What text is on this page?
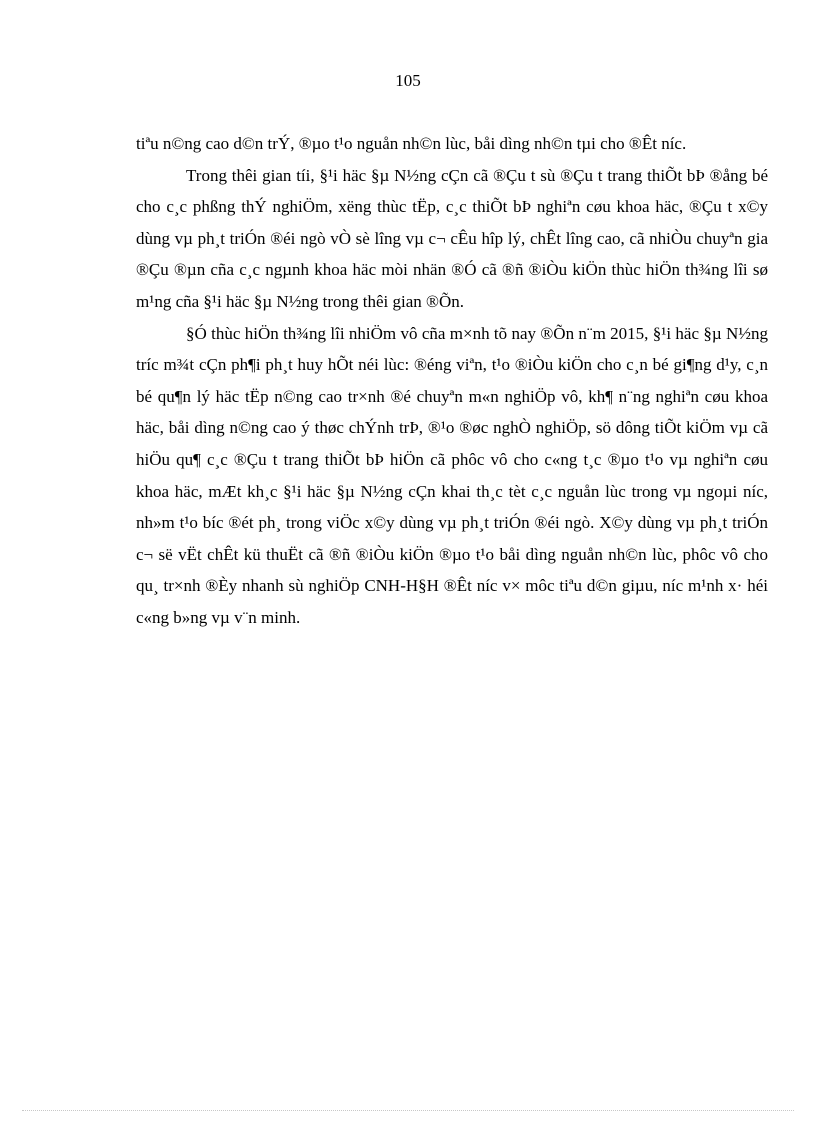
105

tiªu n©ng cao d©n trÝ, ®µo t¹o nguån nh©n lùc, båi dìng nh©n tµi cho ®Êt níc.

Trong thêi gian tíi, §¹i häc §µ N½ng cÇn cã ®Çu t sù ®Çu t trang thiÕt bÞ ®ång bé cho c¸c phßng thÝ nghiÖm, xëng thùc tËp, c¸c thiÕt bÞ nghiªn cøu khoa häc, ®Çu t x©y dùng vµ ph¸t triÓn ®éi ngò vÒ sè lîng vµ c¬ cÊu hîp lý, chÊt lîng cao, cã nhiÒu chuyªn gia ®Çu ®µn cña c¸c ngµnh khoa häc mòi nhän ®Ó cã ®ñ ®iÒu kiÖn thùc hiÖn th¾ng lîi sø m¹ng cña §¹i häc §µ N½ng trong thêi gian ®Õn.

§Ó thùc hiÖn th¾ng lîi nhiÖm vô cña m×nh tõ nay ®Õn n¨m 2015, §¹i häc §µ N½ng tríc m¾t cÇn ph¶i ph¸t huy hÕt néi lùc: ®éng viªn, t¹o ®iÒu kiÖn cho c¸n bé gi¶ng d¹y, c¸n bé qu¶n lý häc tËp n©ng cao tr×nh ®é chuyªn m«n nghiÖp vô, kh¶ n¨ng nghiªn cøu khoa häc, båi dìng n©ng cao ý thøc chÝnh trÞ, ®¹o ®øc nghÒ nghiÖp, sö dông tiÕt kiÖm vµ cã hiÖu qu¶ c¸c ®Çu t trang thiÕt bÞ hiÖn cã phôc vô cho c«ng t¸c ®µo t¹o vµ nghiªn cøu khoa häc, mÆt kh¸c §¹i häc §µ N½ng cÇn khai th¸c tèt c¸c nguån lùc trong vµ ngoµi níc, nh»m t¹o bíc ®ét ph¸ trong viÖc x©y dùng vµ ph¸t triÓn ®éi ngò. X©y dùng vµ ph¸t triÓn c¬ së vËt chÊt kü thuËt cã ®ñ ®iÒu kiÖn ®µo t¹o båi dìng nguån nh©n lùc, phôc vô cho qu¸ tr×nh ®Èy nhanh sù nghiÖp CNH-H§H ®Êt níc v× môc tiªu d©n giµu, níc m¹nh x· héi c«ng b»ng vµ v¨n minh.
